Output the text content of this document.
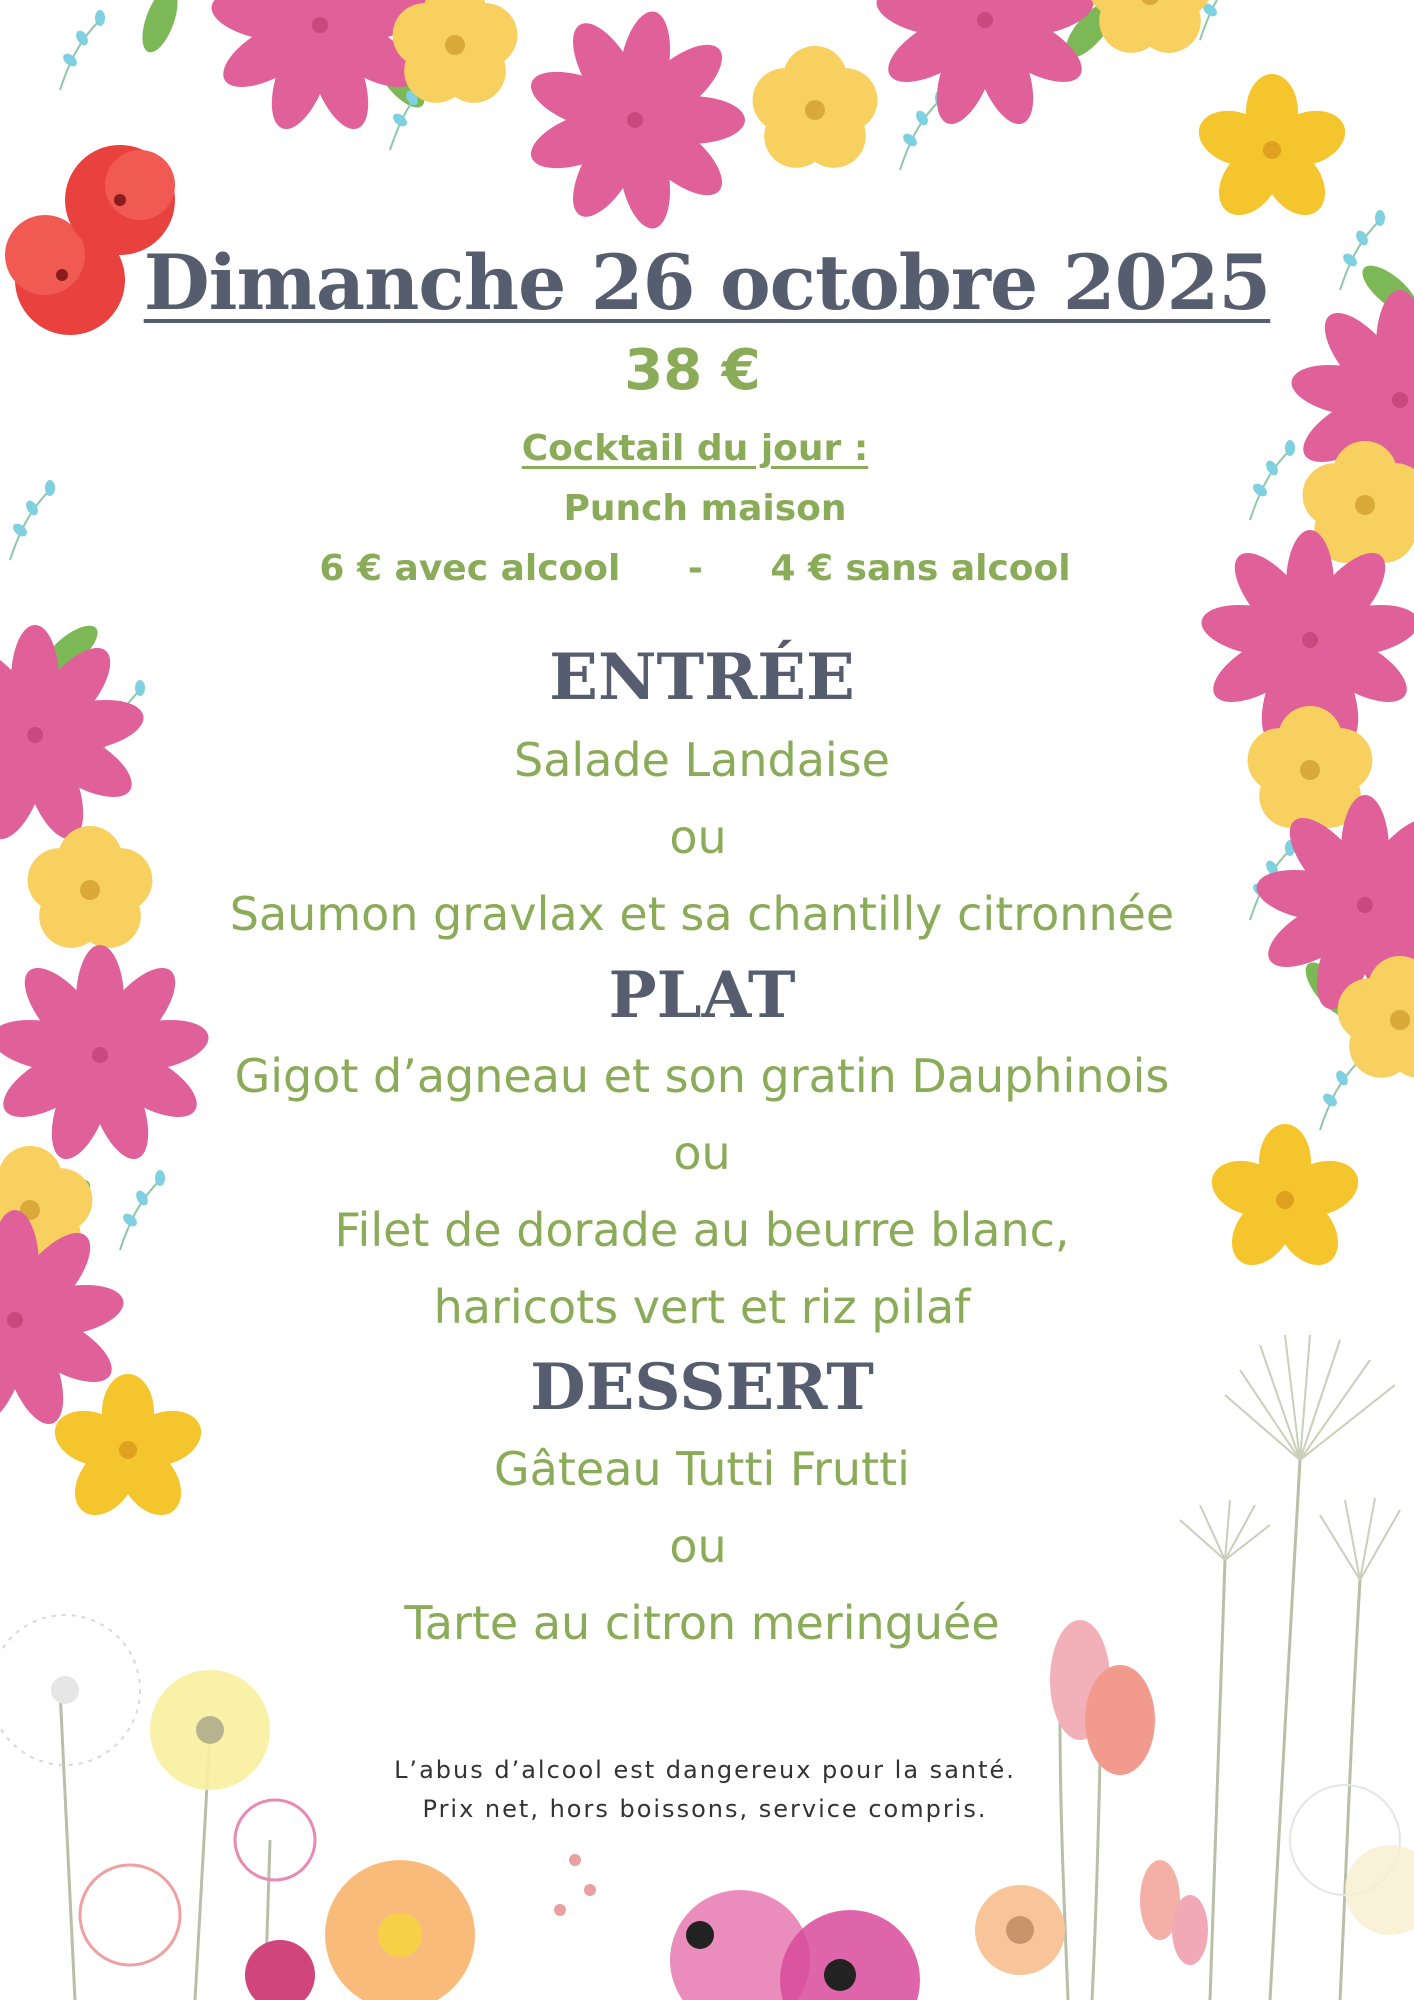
Dimanche 26 octobre 2025
38 €
Cocktail du jour :
Punch maison
6 € avec alcool - 4 € sans alcool
ENTRÉE
Salade Landaise
ou
Saumon gravlax et sa chantilly citronnée
PLAT
Gigot d’agneau et son gratin Dauphinois
ou
Filet de dorade au beurre blanc,
haricots vert et riz pilaf
DESSERT
Gâteau Tutti Frutti
ou
Tarte au citron meringuée
L’abus d’alcool est dangereux pour la santé.
Prix net, hors boissons, service compris.
